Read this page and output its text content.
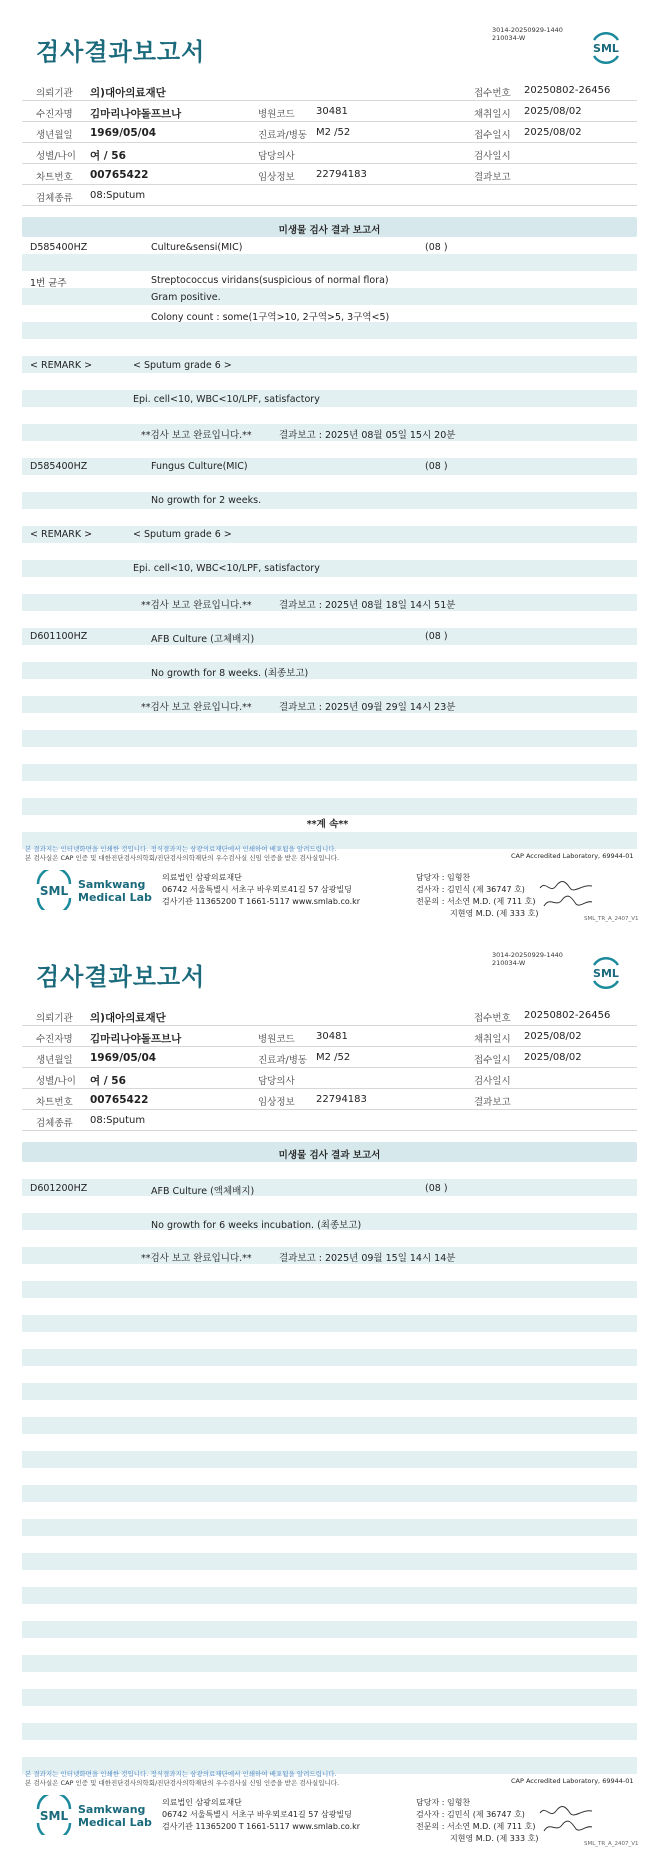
3014-20250929-1440
210034-W
검사결과보고서	SML
의뢰기관 의)대아의료재단	접수번호 20250802-26456
수진자명 김마리나야돌프브나	병원코드 30481	채취일시 2025/08/02
생년월일 1969/05/04	진료과/병동 M2 /52	접수일시 2025/08/02
성별/나이 여 / 56	담당의사	검사일시
차트번호 00765422	임상정보 22794183	결과보고
검체종류 08:Sputum
미생물 검사 결과 보고서
D585400HZ	Culture&sensi(MIC)	(08 )
1번 균주	Streptococcus viridans(suspicious of normal flora)
Gram positive.
Colony count : some(1구역>10, 2구역>5, 3구역<5)
< REMARK >	< Sputum grade 6 >
Epi. cell<10, WBC<10/LPF, satisfactory
**검사 보고 완료입니다.**	결과보고 : 2025년 08월 05일 15시 20분
D585400HZ	Fungus Culture(MIC)	(08 )
No growth for 2 weeks.
< REMARK >	< Sputum grade 6 >
Epi. cell<10, WBC<10/LPF, satisfactory
**검사 보고 완료입니다.**	결과보고 : 2025년 08월 18일 14시 51분
D601100HZ	AFB Culture (고체배지)	(08 )
No growth for 8 weeks. (최종보고)
**검사 보고 완료입니다.**	결과보고 : 2025년 09월 29일 14시 23분
**계 속**
본 결과지는 인터넷화면을 인쇄한 것입니다. 정식결과지는 삼광의료재단에서 인쇄하여 배포됨을 알려드립니다.
본 검사실은 CAP 인증 및 대한진단검사의학회/진단검사의학재단의 우수검사실 신임 인증을 받은 검사실입니다.	CAP Accredited Laboratory, 69944-01
SML Samkwang
Medical Lab
의료법인 삼광의료재단
06742 서울특별시 서초구 바우뫼로41길 57 삼광빌딩
검사기관 11365200 T 1661-5117 www.smlab.co.kr
담당자 : 임형찬
검사자 : 김민식 (제 36747 호)
전문의 : 서소연 M.D. (제 711 호)
지현영 M.D. (제 333 호)
SML_TR_A_2407_V1
3014-20250929-1440
210034-W
검사결과보고서	SML
의뢰기관 의)대아의료재단	접수번호 20250802-26456
수진자명 김마리나야돌프브나	병원코드 30481	채취일시 2025/08/02
생년월일 1969/05/04	진료과/병동 M2 /52	접수일시 2025/08/02
성별/나이 여 / 56	담당의사	검사일시
차트번호 00765422	임상정보 22794183	결과보고
검체종류 08:Sputum
미생물 검사 결과 보고서
D601200HZ	AFB Culture (액체배지)	(08 )
No growth for 6 weeks incubation. (최종보고)
**검사 보고 완료입니다.**	결과보고 : 2025년 09월 15일 14시 14분
본 결과지는 인터넷화면을 인쇄한 것입니다. 정식결과지는 삼광의료재단에서 인쇄하여 배포됨을 알려드립니다.
본 검사실은 CAP 인증 및 대한진단검사의학회/진단검사의학재단의 우수검사실 신임 인증을 받은 검사실입니다.	CAP Accredited Laboratory, 69944-01
SML Samkwang
Medical Lab
의료법인 삼광의료재단
06742 서울특별시 서초구 바우뫼로41길 57 삼광빌딩
검사기관 11365200 T 1661-5117 www.smlab.co.kr
담당자 : 임형찬
검사자 : 김민식 (제 36747 호)
전문의 : 서소연 M.D. (제 711 호)
지현영 M.D. (제 333 호)
SML_TR_A_2407_V1
